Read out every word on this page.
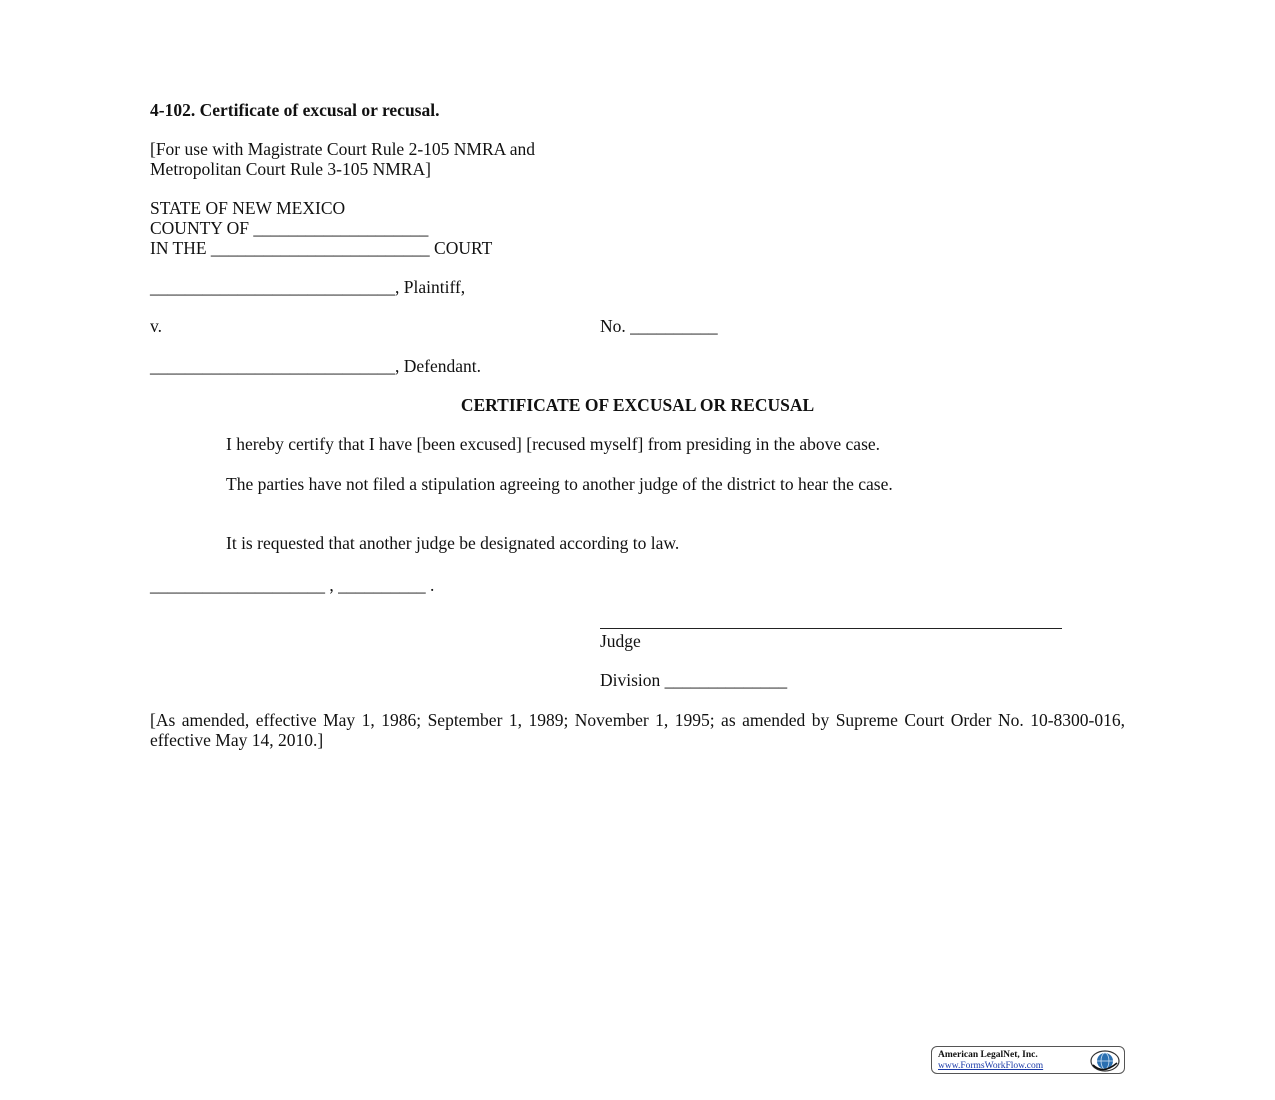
4-102. Certificate of excusal or recusal.
[For use with Magistrate Court Rule 2-105 NMRA and
Metropolitan Court Rule 3-105 NMRA]
STATE OF NEW MEXICO
COUNTY OF ____________________
IN THE _________________________ COURT
____________________________, Plaintiff,
v.	No. __________
____________________________, Defendant.
CERTIFICATE OF EXCUSAL OR RECUSAL
I hereby certify that I have [been excused] [recused myself] from presiding in the above case.
The parties have not filed a stipulation agreeing to another judge of the district to hear the case.
It is requested that another judge be designated according to law.
____________________ , __________ .
Judge
Division ______________
[As amended, effective May 1, 1986; September 1, 1989; November 1, 1995; as amended by Supreme Court Order No. 10-8300-016, effective May 14, 2010.]
American LegalNet, Inc.
www.FormsWorkFlow.com
